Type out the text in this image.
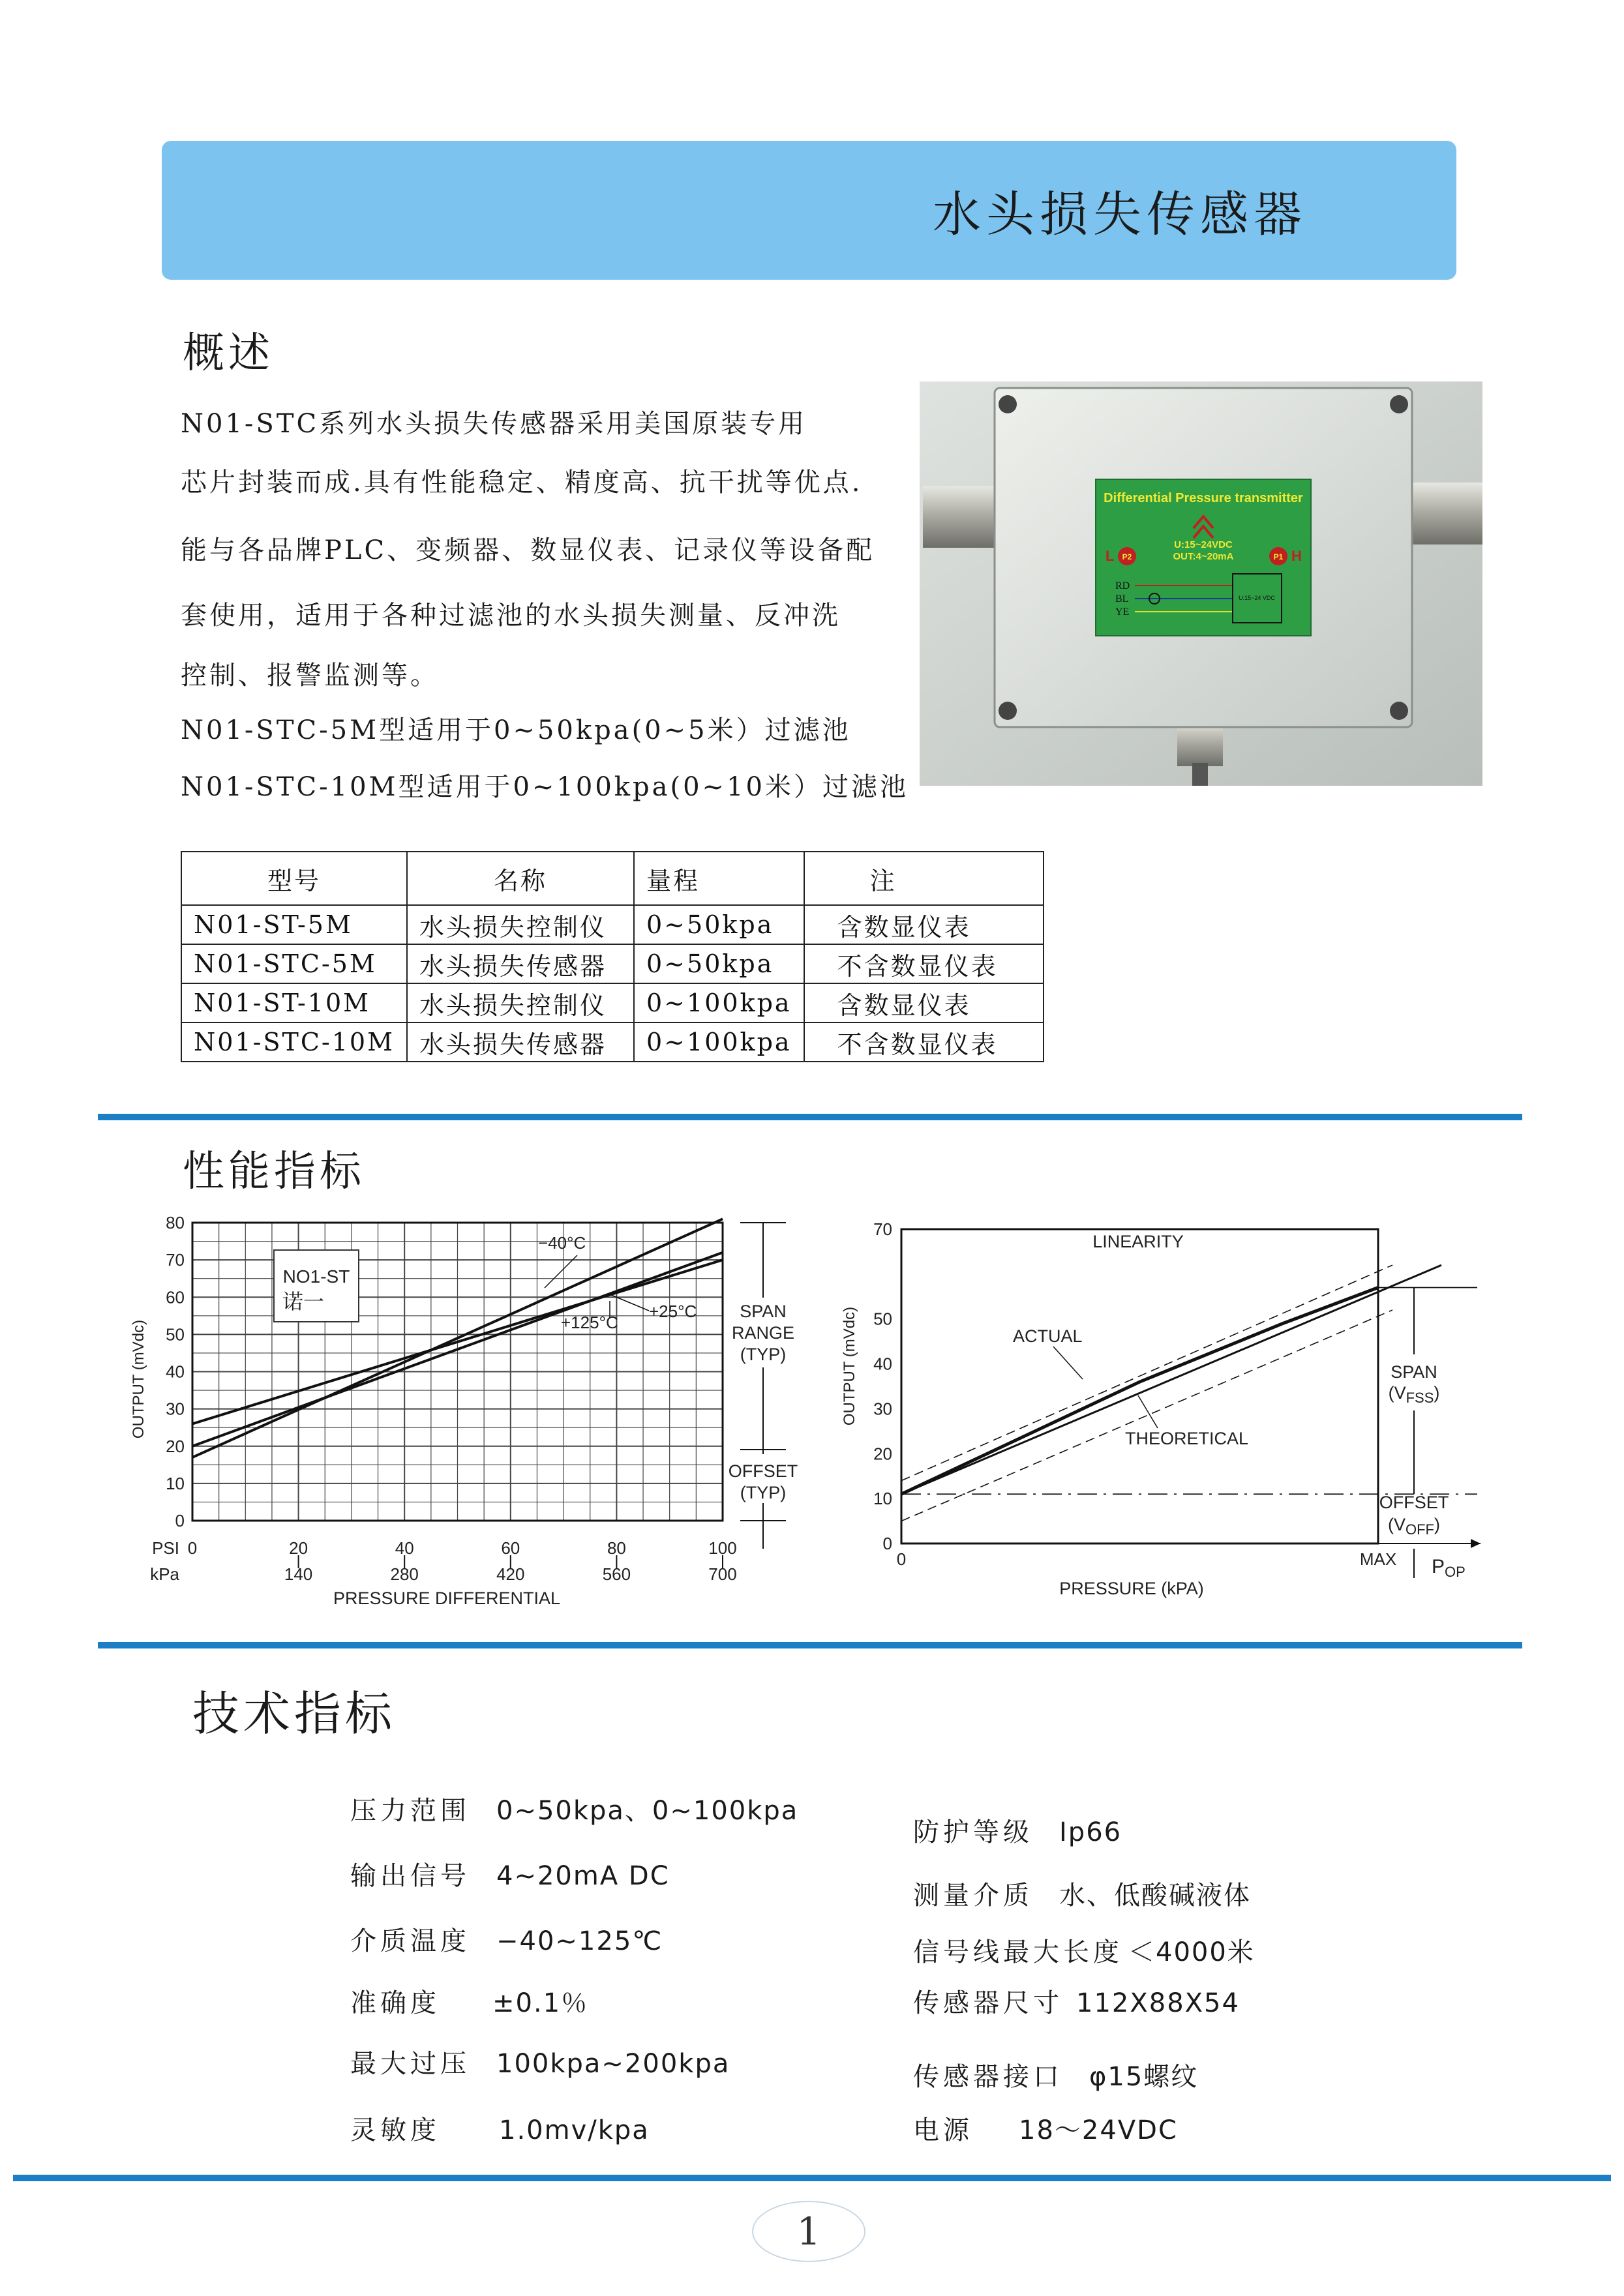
水头损失传感器
概述
N01-STC系列水头损失传感器采用美国原装专用
芯片封装而成.具有性能稳定、精度高、抗干扰等优点.
能与各品牌PLC、变频器、数显仪表、记录仪等设备配
套使用，适用于各种过滤池的水头损失测量、反冲洗
控制、报警监测等。
N01-STC-5M型适用于0~50kpa(0~5米）过滤池
N01-STC-10M型适用于0~100kpa(0~10米）过滤池
Differential Pressure transmitter
U:15~24VDC
OUT:4~20mA
L P2	P1 H
RD
BL
YE
U:15~24 VDC
型号	名称	量程	注
N01-ST-5M	水头损失控制仪	0~50kpa	含数显仪表
N01-STC-5M	水头损失传感器	0~50kpa	不含数显仪表
N01-ST-10M	水头损失控制仪	0~100kpa	含数显仪表
N01-STC-10M	水头损失传感器	0~100kpa	不含数显仪表
性能指标
OUTPUT (mVdc)
0
10
20
30
40
50
60
70
80
PSI
kPa
0	20	40	60	80	100
140	280	420	560	700
PRESSURE DIFFERENTIAL
−40°C
+25°C
+125°C
SPAN
RANGE
(TYP)
OFFSET
(TYP)
NO1-ST
诺一
OUTPUT (mVdc)
0
10
20
30
40
50
70
0	MAX
PRESSURE (kPA)
LINEARITY
ACTUAL
THEORETICAL
SPAN
$(V_{FSS})$
OFFSET
$(V_{OFF})$
$P_{OP}$
技术指标
压力范围 0~50kpa、0~100kpa
输出信号 4~20mA DC
介质温度 −40~125℃
准确度 ±0.1％
最大过压 100kpa~200kpa
灵敏度 1.0mv/kpa
防护等级 Ip66
测量介质 水、低酸碱液体
信号线最大长度 ＜4000米
传感器尺寸 112X88X54
传感器接口 φ15螺纹
电源 18～24VDC
1
